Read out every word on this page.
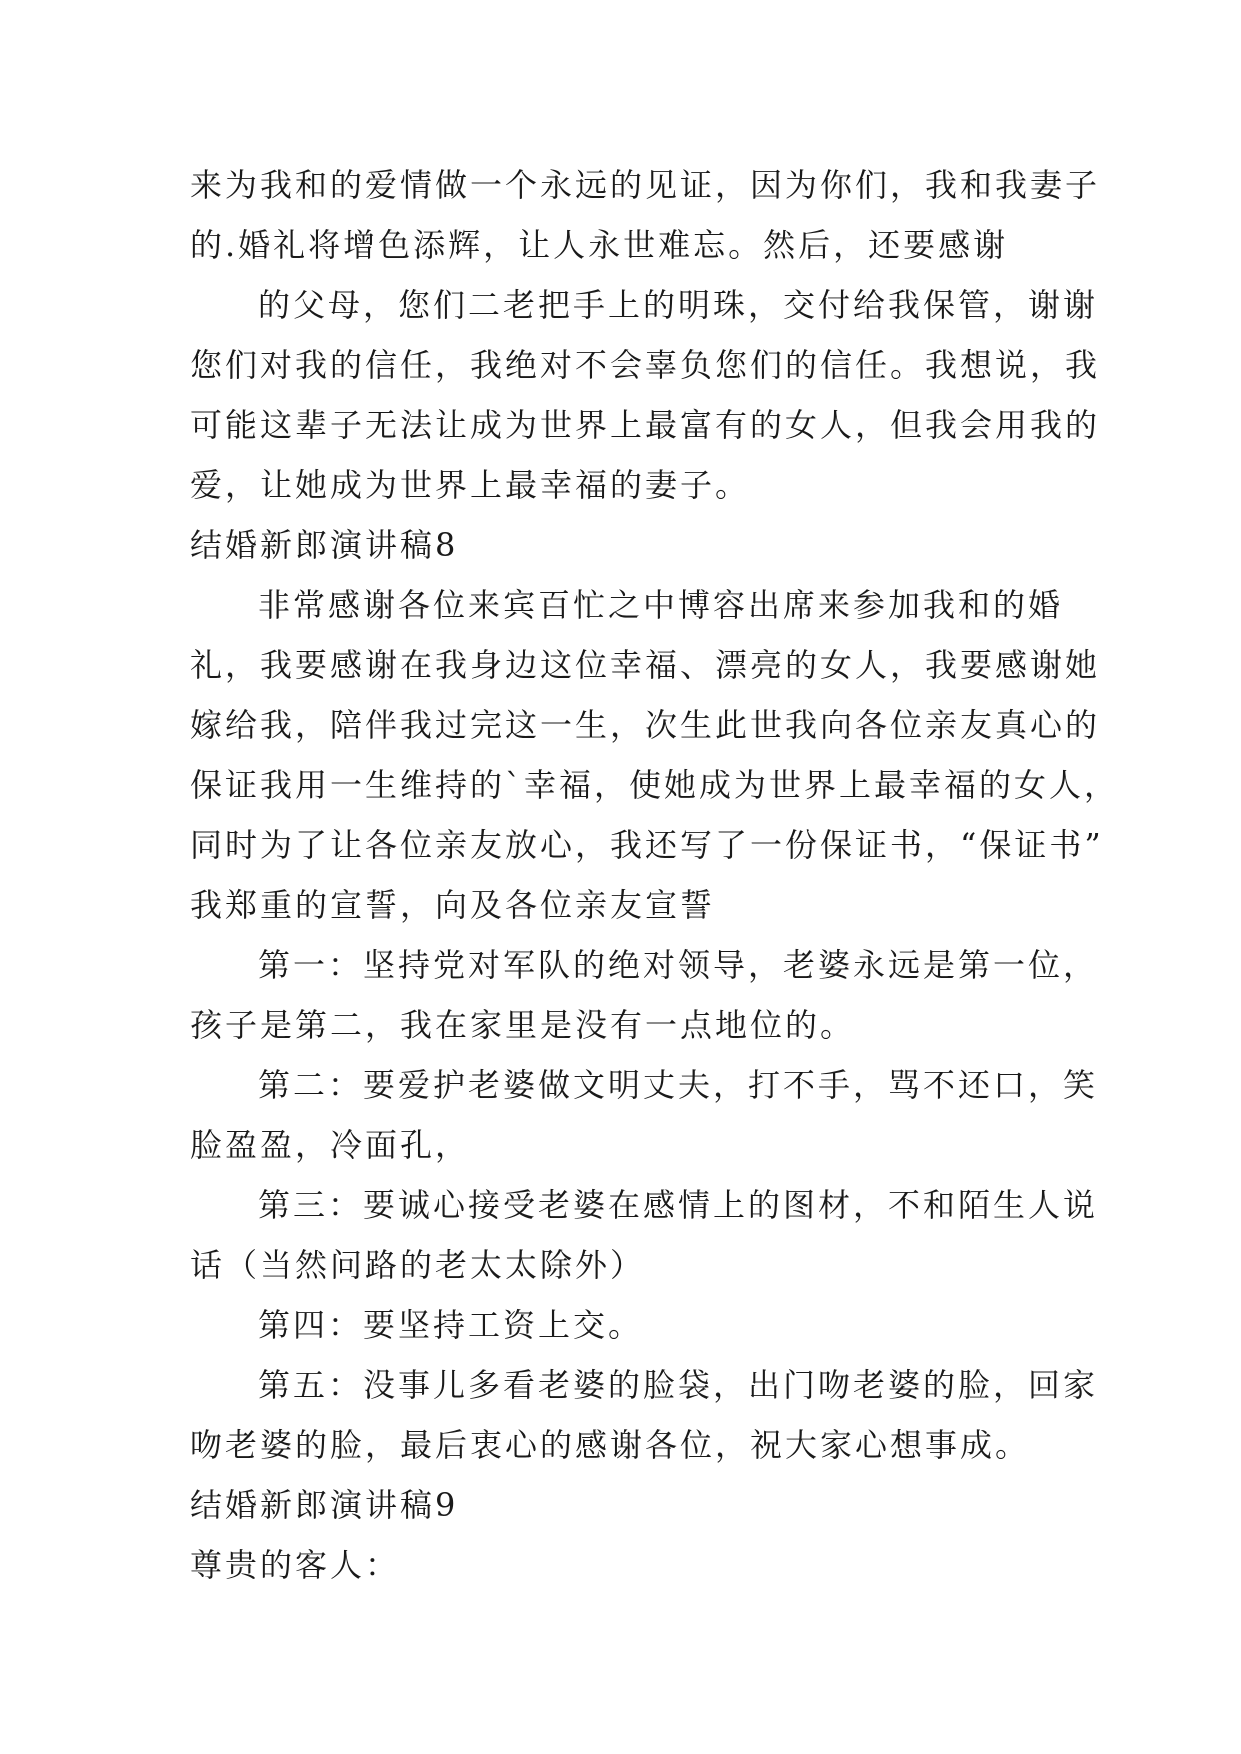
来为我和的爱情做一个永远的见证，因为你们，我和我妻子
的.婚礼将增色添辉，让人永世难忘。然后，还要感谢
的父母，您们二老把手上的明珠，交付给我保管，谢谢
您们对我的信任，我绝对不会辜负您们的信任。我想说，我
可能这辈子无法让成为世界上最富有的女人，但我会用我的
爱，让她成为世界上最幸福的妻子。
结婚新郎演讲稿8
非常感谢各位来宾百忙之中博容出席来参加我和的婚
礼，我要感谢在我身边这位幸福、漂亮的女人，我要感谢她
嫁给我，陪伴我过完这一生，次生此世我向各位亲友真心的
保证我用一生维持的`幸福，使她成为世界上最幸福的女人，
同时为了让各位亲友放心，我还写了一份保证书，“保证书”
我郑重的宣誓，向及各位亲友宣誓
第一：坚持党对军队的绝对领导，老婆永远是第一位，
孩子是第二，我在家里是没有一点地位的。
第二：要爱护老婆做文明丈夫，打不手，骂不还口，笑
脸盈盈，冷面孔，
第三：要诚心接受老婆在感情上的图材，不和陌生人说
话（当然问路的老太太除外）
第四：要坚持工资上交。
第五：没事儿多看老婆的脸袋，出门吻老婆的脸，回家
吻老婆的脸，最后衷心的感谢各位，祝大家心想事成。
结婚新郎演讲稿9
尊贵的客人：
